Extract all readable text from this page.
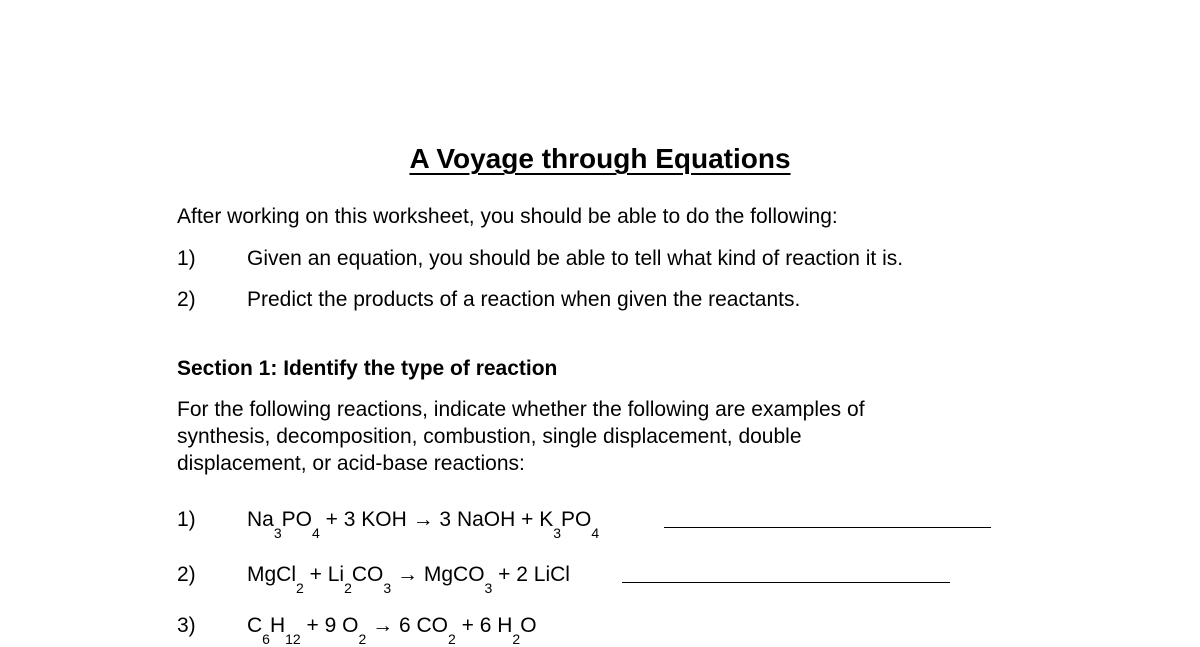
A Voyage through Equations
After working on this worksheet, you should be able to do the following:
1) Given an equation, you should be able to tell what kind of reaction it is.
2) Predict the products of a reaction when given the reactants.
Section 1: Identify the type of reaction
For the following reactions, indicate whether the following are examples of
synthesis, decomposition, combustion, single displacement, double
displacement, or acid-base reactions:
1) Na
3
PO
4
+ 3 KOH → 3 NaOH + K
3
PO
4
2) MgCl
2
+ Li
2
CO
3

→ MgCO
3
+ 2 LiCl
3) C
6
H
12
+ 9 O
2

→ 6 CO
2
+ 6 H
2
O
